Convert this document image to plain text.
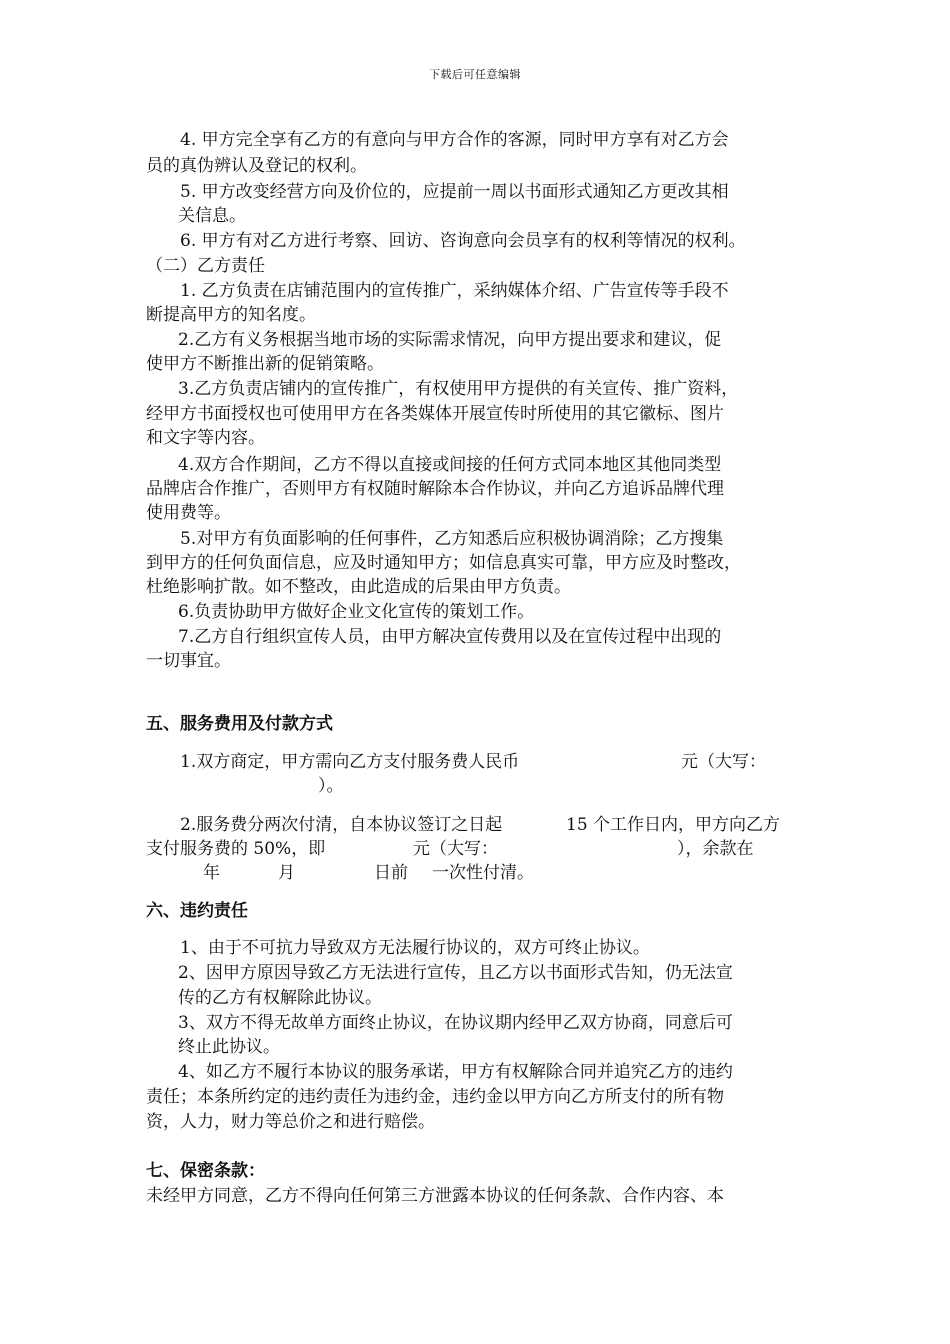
下载后可任意编辑
4. 甲方完全享有乙方的有意向与甲方合作的客源，同时甲方享有对乙方会
员的真伪辨认及登记的权利。
5. 甲方改变经营方向及价位的，应提前一周以书面形式通知乙方更改其相
关信息。
6. 甲方有对乙方进行考察、回访、咨询意向会员享有的权利等情况的权利。
（二）乙方责任
1. 乙方负责在店铺范围内的宣传推广，采纳媒体介绍、广告宣传等手段不
断提高甲方的知名度。
2.乙方有义务根据当地市场的实际需求情况，向甲方提出要求和建议，促
使甲方不断推出新的促销策略。
3.乙方负责店铺内的宣传推广，有权使用甲方提供的有关宣传、推广资料，
经甲方书面授权也可使用甲方在各类媒体开展宣传时所使用的其它徽标、图片
和文字等内容。
4.双方合作期间，乙方不得以直接或间接的任何方式同本地区其他同类型
品牌店合作推广，否则甲方有权随时解除本合作协议，并向乙方追诉品牌代理
使用费等。
5.对甲方有负面影响的任何事件，乙方知悉后应积极协调消除；乙方搜集
到甲方的任何负面信息，应及时通知甲方；如信息真实可靠，甲方应及时整改，
杜绝影响扩散。如不整改，由此造成的后果由甲方负责。
6.负责协助甲方做好企业文化宣传的策划工作。
7.乙方自行组织宣传人员，由甲方解决宣传费用以及在宣传过程中出现的
一切事宜。
五、服务费用及付款方式
1.双方商定，甲方需向乙方支付服务费人民币	元（大写：
）。
2.服务费分两次付清，自本协议签订之日起	15 个工作日内，甲方向乙方
支付服务费的 50%，即	元（大写：	），余款在
年	月	日前 一次性付清。
六、违约责任
1、由于不可抗力导致双方无法履行协议的，双方可终止协议。
2、因甲方原因导致乙方无法进行宣传，且乙方以书面形式告知，仍无法宣
传的乙方有权解除此协议。
3、双方不得无故单方面终止协议，在协议期内经甲乙双方协商，同意后可
终止此协议。
4、如乙方不履行本协议的服务承诺，甲方有权解除合同并追究乙方的违约
责任；本条所约定的违约责任为违约金，违约金以甲方向乙方所支付的所有物
资，人力，财力等总价之和进行赔偿。
七、保密条款：
未经甲方同意，乙方不得向任何第三方泄露本协议的任何条款、合作内容、本
